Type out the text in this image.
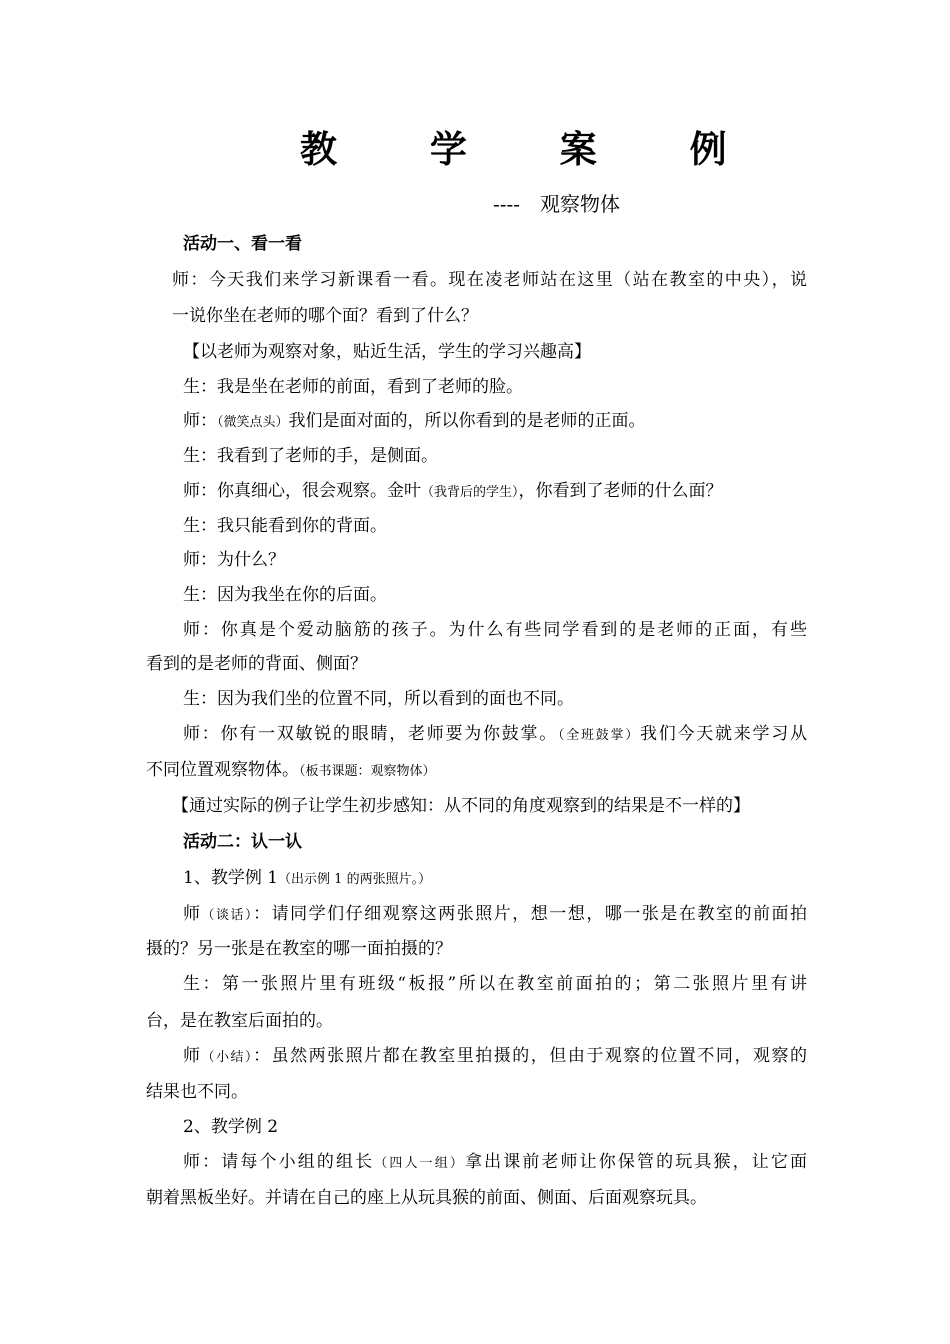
教 学 案 例
----　观察物体
活动一、看一看
师：今天我们来学习新课看一看。现在凌老师站在这里（站在教室的中央），说
一说你坐在老师的哪个面？看到了什么？
【以老师为观察对象，贴近生活，学生的学习兴趣高】
生：我是坐在老师的前面，看到了老师的脸。
师：（微笑点头）我们是面对面的，所以你看到的是老师的正面。
生：我看到了老师的手，是侧面。
师：你真细心，很会观察。金叶（我背后的学生），你看到了老师的什么面？
生：我只能看到你的背面。
师：为什么？
生：因为我坐在你的后面。
师：你真是个爱动脑筋的孩子。为什么有些同学看到的是老师的正面，有些
看到的是老师的背面、侧面？
生：因为我们坐的位置不同，所以看到的面也不同。
师：你有一双敏锐的眼睛，老师要为你鼓掌。（全班鼓掌）我们今天就来学习从
不同位置观察物体。（板书课题：观察物体）
【通过实际的例子让学生初步感知：从不同的角度观察到的结果是不一样的】
活动二：认一认
1、教学例 1（出示例 1 的两张照片。）
师（谈话）：请同学们仔细观察这两张照片，想一想，哪一张是在教室的前面拍
摄的？另一张是在教室的哪一面拍摄的？
生：第一张照片里有班级“板报”所以在教室前面拍的；第二张照片里有讲
台，是在教室后面拍的。
师（小结）：虽然两张照片都在教室里拍摄的，但由于观察的位置不同，观察的
结果也不同。
2、教学例 2
师：请每个小组的组长（四人一组）拿出课前老师让你保管的玩具猴，让它面
朝着黑板坐好。并请在自己的座上从玩具猴的前面、侧面、后面观察玩具。
